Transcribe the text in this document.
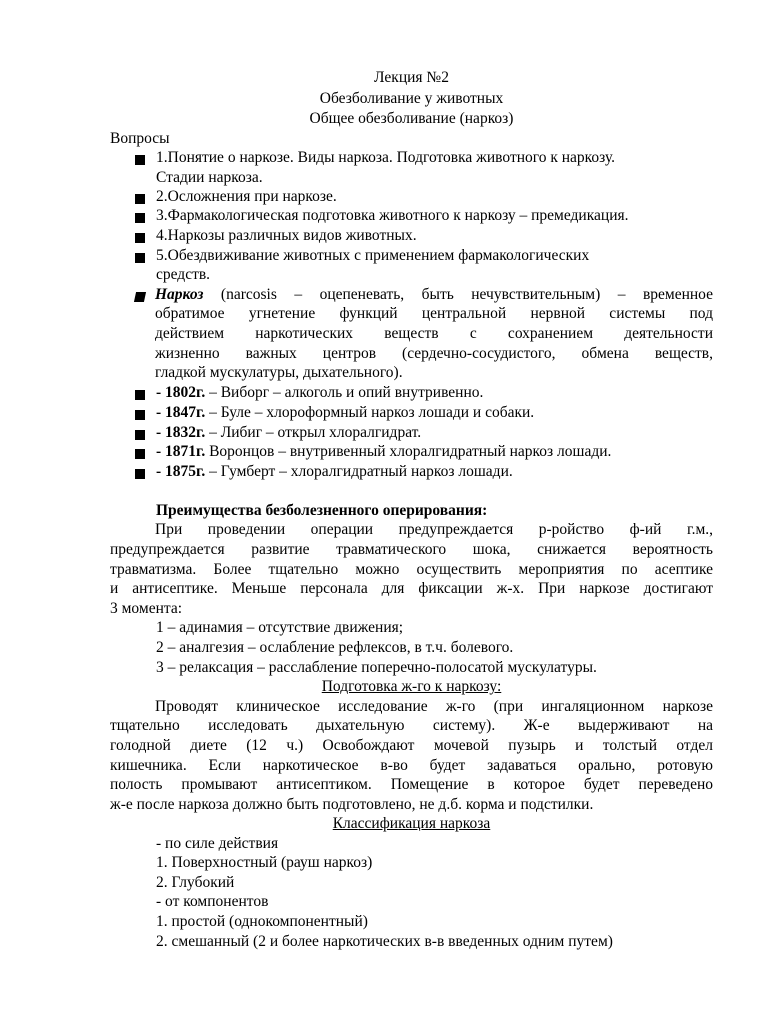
Лекция №2
Обезболивание у животных
Общее обезболивание (наркоз)
Вопросы
1.Понятие о наркозе. Виды наркоза. Подготовка животного к наркозу.
Стадии наркоза.
2.Осложнения при наркозе.
3.Фармакологическая подготовка животного к наркозу – премедикация.
4.Наркозы различных видов животных.
5.Обездвиживание животных с применением фармакологических
средств.
Наркоз (narcosis – оцепеневать, быть нечувствительным) – временное
обратимое угнетение функций центральной нервной системы под
действием наркотических веществ с сохранением деятельности
жизненно важных центров (сердечно-сосудистого, обмена веществ,
гладкой мускулатуры, дыхательного).
- 1802г. – Виборг – алкоголь и опий внутривенно.
- 1847г. – Буле – хлороформный наркоз лошади и собаки.
- 1832г. – Либиг – открыл хлоралгидрат.
- 1871г. Воронцов – внутривенный хлоралгидратный наркоз лошади.
- 1875г. – Гумберт – хлоралгидратный наркоз лошади.
Преимущества безболезненного оперирования:
При проведении операции предупреждается р-ройство ф-ий г.м.,
предупреждается развитие травматического шока, снижается вероятность
травматизма. Более тщательно можно осуществить мероприятия по асептике
и антисептике. Меньше персонала для фиксации ж-х. При наркозе достигают
3 момента:
1 – адинамия – отсутствие движения;
2 – аналгезия – ослабление рефлексов, в т.ч. болевого.
3 – релаксация – расслабление поперечно-полосатой мускулатуры.
Подготовка ж-го к наркозу:
Проводят клиническое исследование ж-го (при ингаляционном наркозе
тщательно исследовать дыхательную систему). Ж-е выдерживают на
голодной диете (12 ч.) Освобождают мочевой пузырь и толстый отдел
кишечника. Если наркотическое в-во будет задаваться орально, ротовую
полость промывают антисептиком. Помещение в которое будет переведено
ж-е после наркоза должно быть подготовлено, не д.б. корма и подстилки.
Классификация наркоза
- по силе действия
1. Поверхностный (рауш наркоз)
2. Глубокий
- от компонентов
1. простой (однокомпонентный)
2. смешанный (2 и более наркотических в-в введенных одним путем)
